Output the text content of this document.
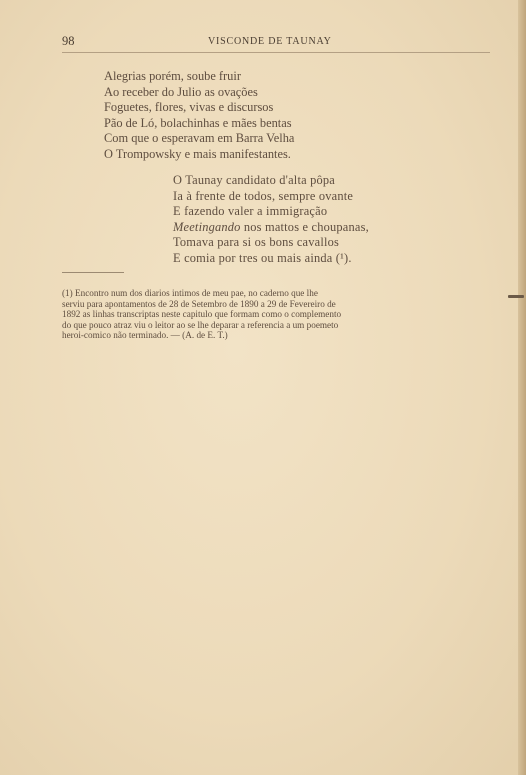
98	VISCONDE DE TAUNAY
Alegrias porém, soube fruir
Ao receber do Julio as ovações
Foguetes, flores, vivas e discursos
Pão de Ló, bolachinhas e mães bentas
Com que o esperavam em Barra Velha
O Trompowsky e mais manifestantes.
O Taunay candidato d'alta pôpa
Ia à frente de todos, sempre ovante
E fazendo valer a immigração
Meetingando nos mattos e choupanas,
Tomava para si os bons cavallos
E comia por tres ou mais ainda (¹).
(1) Encontro num dos diarios intimos de meu pae, no caderno que lhe
serviu para apontamentos de 28 de Setembro de 1890 a 29 de Fevereiro de
1892 as linhas transcriptas neste capitulo que formam como o complemento
do que pouco atraz viu o leitor ao se lhe deparar a referencia a um poemeto
heroi-comico não terminado. — (A. de E. T.)
